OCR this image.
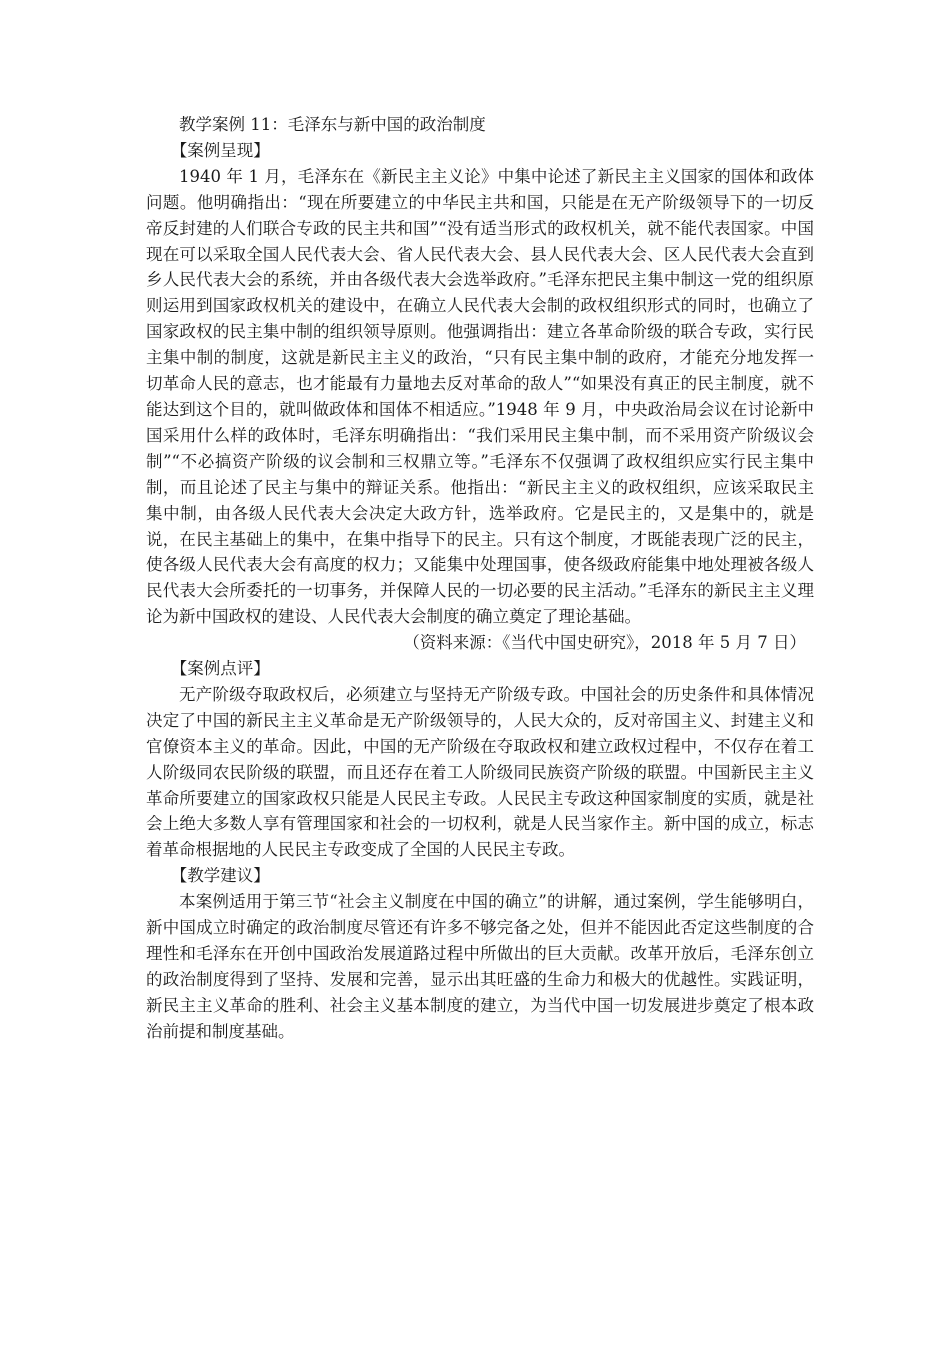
教学案例 11：毛泽东与新中国的政治制度

【案例呈现】

1940 年 1 月，毛泽东在《新民主主义论》中集中论述了新民主主义国家的国体和政体问题。他明确指出：“现在所要建立的中华民主共和国，只能是在无产阶级领导下的一切反帝反封建的人们联合专政的民主共和国”“没有适当形式的政权机关，就不能代表国家。中国现在可以采取全国人民代表大会、省人民代表大会、县人民代表大会、区人民代表大会直到乡人民代表大会的系统，并由各级代表大会选举政府。”毛泽东把民主集中制这一党的组织原则运用到国家政权机关的建设中，在确立人民代表大会制的政权组织形式的同时，也确立了国家政权的民主集中制的组织领导原则。他强调指出：建立各革命阶级的联合专政，实行民主集中制的制度，这就是新民主主义的政治，“只有民主集中制的政府，才能充分地发挥一切革命人民的意志，也才能最有力量地去反对革命的敌人”“如果没有真正的民主制度，就不能达到这个目的，就叫做政体和国体不相适应。”1948 年 9 月，中央政治局会议在讨论新中国采用什么样的政体时，毛泽东明确指出：“我们采用民主集中制，而不采用资产阶级议会制”“不必搞资产阶级的议会制和三权鼎立等。”毛泽东不仅强调了政权组织应实行民主集中制，而且论述了民主与集中的辩证关系。他指出：“新民主主义的政权组织，应该采取民主集中制，由各级人民代表大会决定大政方针，选举政府。它是民主的，又是集中的，就是说，在民主基础上的集中，在集中指导下的民主。只有这个制度，才既能表现广泛的民主，使各级人民代表大会有高度的权力；又能集中处理国事，使各级政府能集中地处理被各级人民代表大会所委托的一切事务，并保障人民的一切必要的民主活动。”毛泽东的新民主主义理论为新中国政权的建设、人民代表大会制度的确立奠定了理论基础。

（资料来源：《当代中国史研究》，2018 年 5 月 7 日）

【案例点评】

无产阶级夺取政权后，必须建立与坚持无产阶级专政。中国社会的历史条件和具体情况决定了中国的新民主主义革命是无产阶级领导的，人民大众的，反对帝国主义、封建主义和官僚资本主义的革命。因此，中国的无产阶级在夺取政权和建立政权过程中，不仅存在着工人阶级同农民阶级的联盟，而且还存在着工人阶级同民族资产阶级的联盟。中国新民主主义革命所要建立的国家政权只能是人民民主专政。人民民主专政这种国家制度的实质，就是社会上绝大多数人享有管理国家和社会的一切权利，就是人民当家作主。新中国的成立，标志着革命根据地的人民民主专政变成了全国的人民民主专政。

【教学建议】

本案例适用于第三节“社会主义制度在中国的确立”的讲解，通过案例，学生能够明白，新中国成立时确定的政治制度尽管还有许多不够完备之处，但并不能因此否定这些制度的合理性和毛泽东在开创中国政治发展道路过程中所做出的巨大贡献。改革开放后，毛泽东创立的政治制度得到了坚持、发展和完善，显示出其旺盛的生命力和极大的优越性。实践证明，新民主主义革命的胜利、社会主义基本制度的建立，为当代中国一切发展进步奠定了根本政治前提和制度基础。
